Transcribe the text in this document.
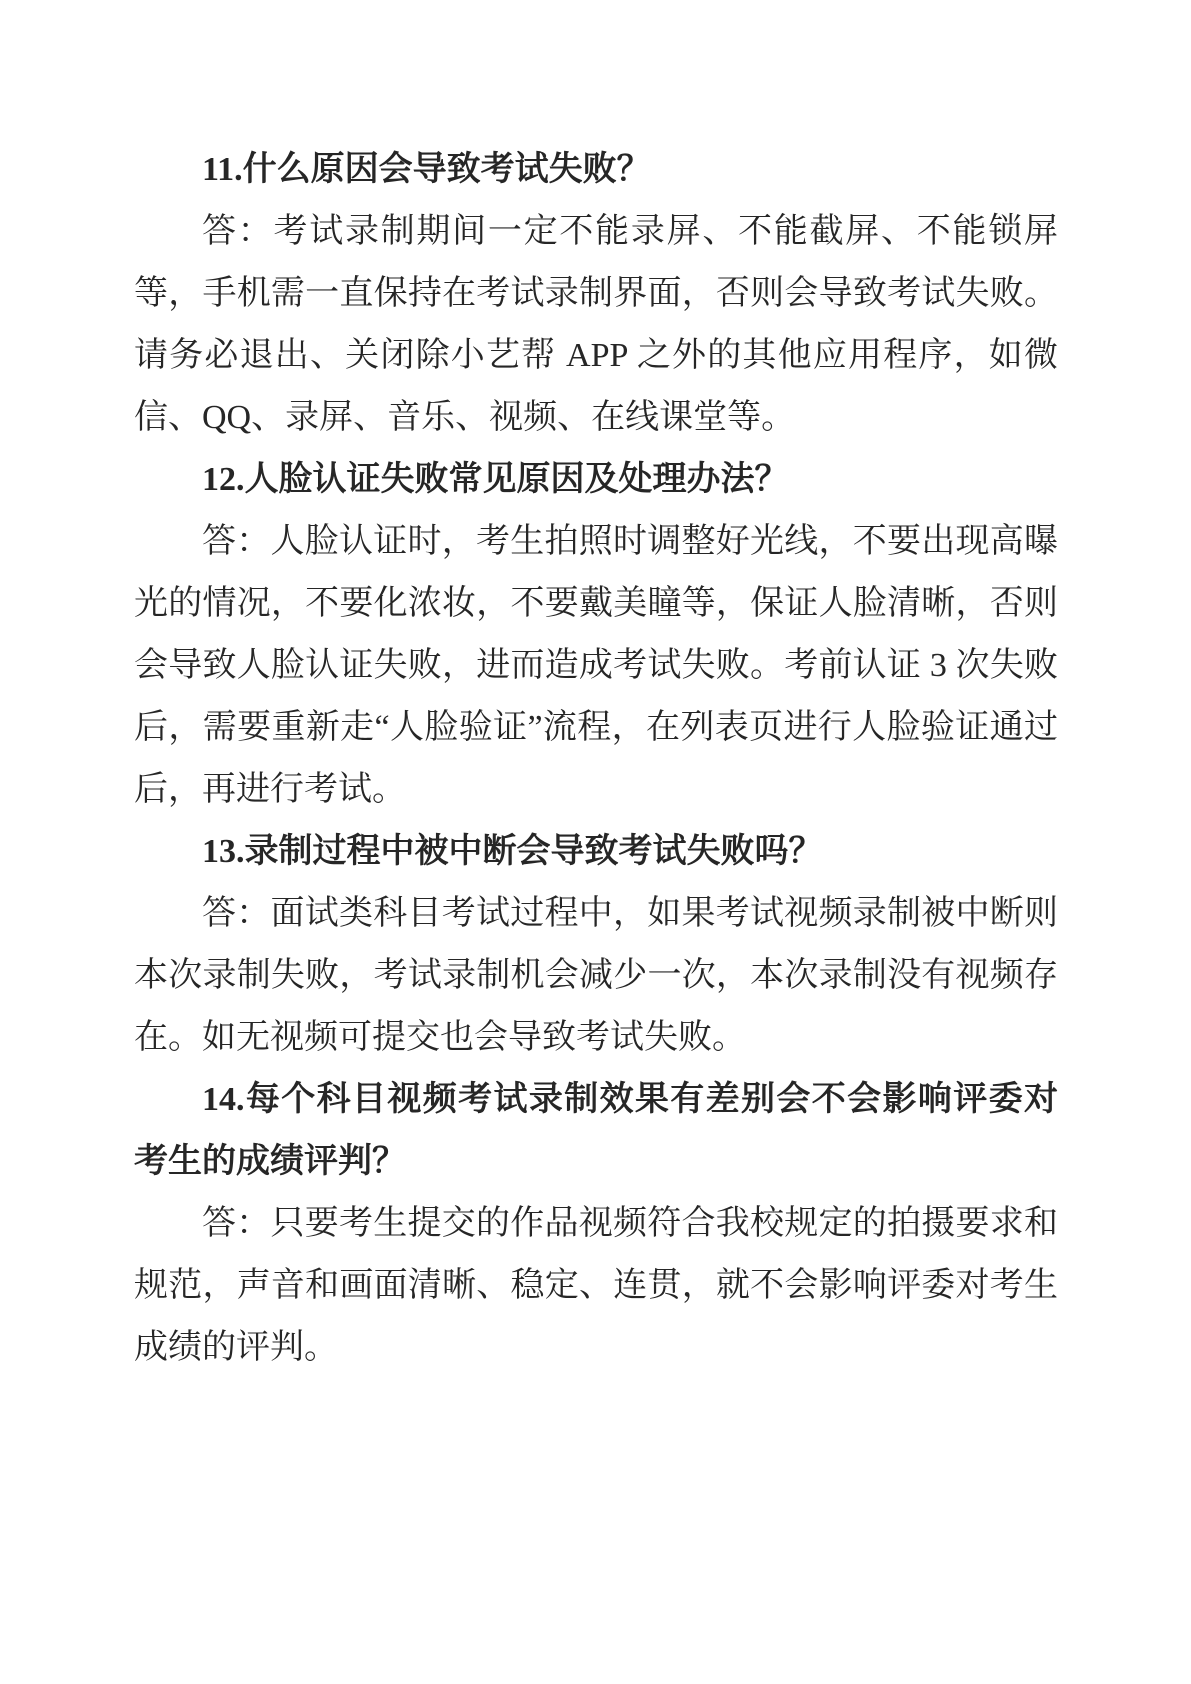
11.什么原因会导致考试失败？

答：考试录制期间一定不能录屏、不能截屏、不能锁屏等，手机需一直保持在考试录制界面，否则会导致考试失败。请务必退出、关闭除小艺帮 APP 之外的其他应用程序，如微信、QQ、录屏、音乐、视频、在线课堂等。

12.人脸认证失败常见原因及处理办法？

答：人脸认证时，考生拍照时调整好光线，不要出现高曝光的情况，不要化浓妆，不要戴美瞳等，保证人脸清晰，否则会导致人脸认证失败，进而造成考试失败。考前认证 3 次失败后，需要重新走“人脸验证”流程，在列表页进行人脸验证通过后，再进行考试。

13.录制过程中被中断会导致考试失败吗？

答：面试类科目考试过程中，如果考试视频录制被中断则本次录制失败，考试录制机会减少一次，本次录制没有视频存在。如无视频可提交也会导致考试失败。

14.每个科目视频考试录制效果有差别会不会影响评委对考生的成绩评判？

答：只要考生提交的作品视频符合我校规定的拍摄要求和规范，声音和画面清晰、稳定、连贯，就不会影响评委对考生成绩的评判。
